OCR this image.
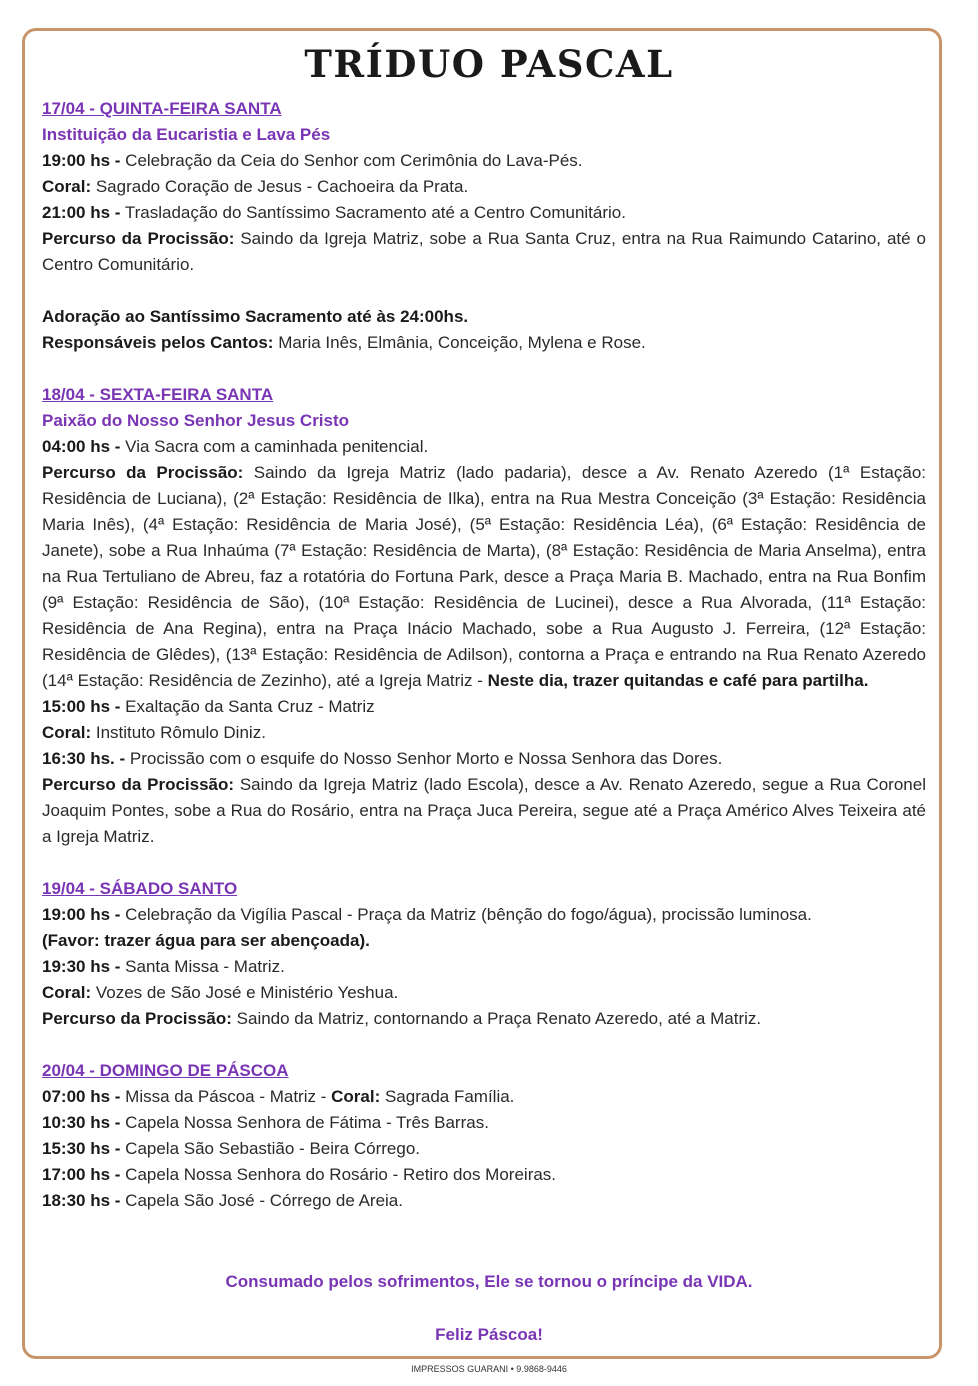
TRÍDUO PASCAL

17/04 - QUINTA-FEIRA SANTA

Instituição da Eucaristia e Lava Pés

19:00 hs - Celebração da Ceia do Senhor com Cerimônia do Lava-Pés.

Coral: Sagrado Coração de Jesus - Cachoeira da Prata.

21:00 hs - Trasladação do Santíssimo Sacramento até a Centro Comunitário.

Percurso da Procissão: Saindo da Igreja Matriz, sobe a Rua Santa Cruz, entra na Rua Raimundo Catarino, até o Centro Comunitário.

Adoração ao Santíssimo Sacramento até às 24:00hs.

Responsáveis pelos Cantos: Maria Inês, Elmânia, Conceição, Mylena e Rose.

18/04 - SEXTA-FEIRA SANTA

Paixão do Nosso Senhor Jesus Cristo

04:00 hs - Via Sacra com a caminhada penitencial.

Percurso da Procissão: Saindo da Igreja Matriz (lado padaria), desce a Av. Renato Azeredo (1ª Estação: Residência de Luciana), (2ª Estação: Residência de Ilka), entra na Rua Mestra Conceição (3ª Estação: Residência Maria Inês), (4ª Estação: Residência de Maria José), (5ª Estação: Residência Léa), (6ª Estação: Residência de Janete), sobe a Rua Inhaúma (7ª Estação: Residência de Marta), (8ª Estação: Residência de Maria Anselma), entra na Rua Tertuliano de Abreu, faz a rotatória do Fortuna Park, desce a Praça Maria B. Machado, entra na Rua Bonfim (9ª Estação: Residência de São), (10ª Estação: Residência de Lucinei), desce a Rua Alvorada, (11ª Estação: Residência de Ana Regina), entra na Praça Inácio Machado, sobe a Rua Augusto J. Ferreira, (12ª Estação: Residência de Glêdes), (13ª Estação: Residência de Adilson), contorna a Praça e entrando na Rua Renato Azeredo (14ª Estação: Residência de Zezinho), até a Igreja Matriz - Neste dia, trazer quitandas e café para partilha.

15:00 hs - Exaltação da Santa Cruz - Matriz

Coral: Instituto Rômulo Diniz.

16:30 hs. - Procissão com o esquife do Nosso Senhor Morto e Nossa Senhora das Dores.

Percurso da Procissão: Saindo da Igreja Matriz (lado Escola), desce a Av. Renato Azeredo, segue a Rua Coronel Joaquim Pontes, sobe a Rua do Rosário, entra na Praça Juca Pereira, segue até a Praça Américo Alves Teixeira até a Igreja Matriz.

19/04 - SÁBADO SANTO

19:00 hs - Celebração da Vigília Pascal - Praça da Matriz (bênção do fogo/água), procissão luminosa.

(Favor: trazer água para ser abençoada).

19:30 hs - Santa Missa - Matriz.

Coral: Vozes de São José e Ministério Yeshua.

Percurso da Procissão: Saindo da Matriz, contornando a Praça Renato Azeredo, até a Matriz.

20/04 - DOMINGO DE PÁSCOA

07:00 hs - Missa da Páscoa - Matriz - Coral: Sagrada Família.

10:30 hs - Capela Nossa Senhora de Fátima - Três Barras.

15:30 hs - Capela São Sebastião - Beira Córrego.

17:00 hs - Capela Nossa Senhora do Rosário - Retiro dos Moreiras.

18:30 hs - Capela São José - Córrego de Areia.

Consumado pelos sofrimentos, Ele se tornou o príncipe da VIDA.

Feliz Páscoa!

IMPRESSOS GUARANI • 9.9868-9446
